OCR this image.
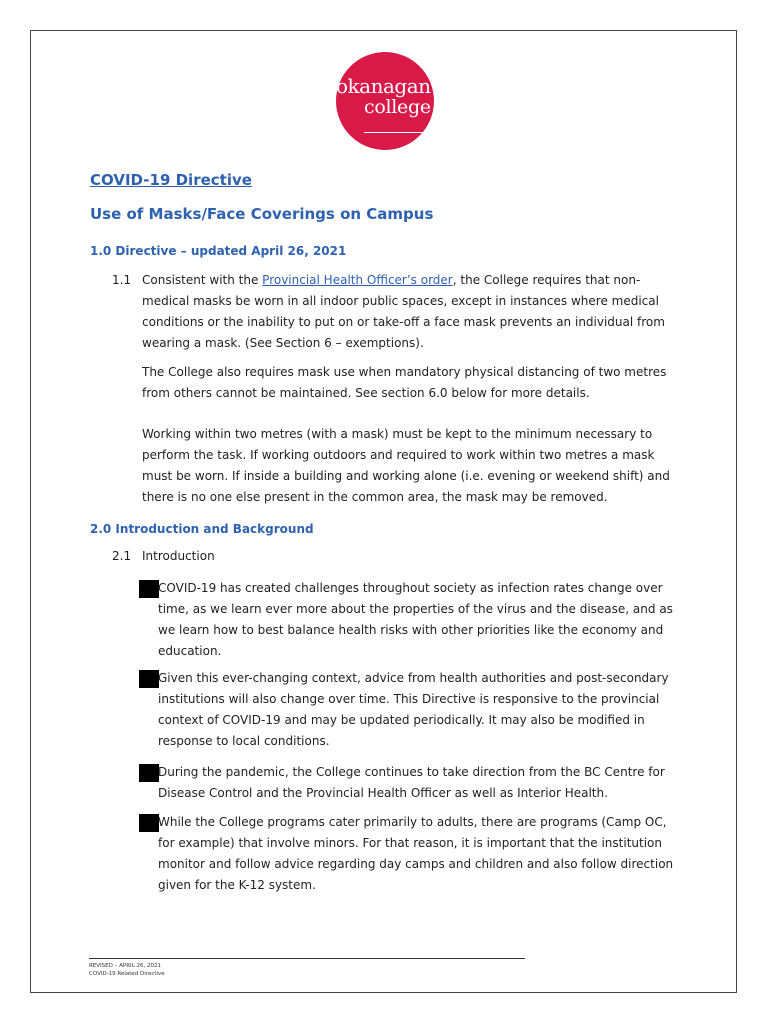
okanagan
college
COVID-19 Directive
Use of Masks/Face Coverings on Campus
1.0 Directive – updated April 26, 2021
1.1 Consistent with the Provincial Health Officer’s order, the College requires that non-medical masks be worn in all indoor public spaces, except in instances where medical conditions or the inability to put on or take-off a face mask prevents an individual from wearing a mask. (See Section 6 – exemptions).
The College also requires mask use when mandatory physical distancing of two metres from others cannot be maintained. See section 6.0 below for more details.
Working within two metres (with a mask) must be kept to the minimum necessary to perform the task. If working outdoors and required to work within two metres a mask must be worn. If inside a building and working alone (i.e. evening or weekend shift) and there is no one else present in the common area, the mask may be removed.
2.0 Introduction and Background
2.1 Introduction
COVID-19 has created challenges throughout society as infection rates change over time, as we learn ever more about the properties of the virus and the disease, and as we learn how to best balance health risks with other priorities like the economy and education.
Given this ever-changing context, advice from health authorities and post-secondary institutions will also change over time. This Directive is responsive to the provincial context of COVID-19 and may be updated periodically. It may also be modified in response to local conditions.
During the pandemic, the College continues to take direction from the BC Centre for Disease Control and the Provincial Health Officer as well as Interior Health.
While the College programs cater primarily to adults, there are programs (Camp OC, for example) that involve minors. For that reason, it is important that the institution monitor and follow advice regarding day camps and children and also follow direction given for the K-12 system.
REVISED – APRIL 26, 2021
COVID-19 Related Directive
